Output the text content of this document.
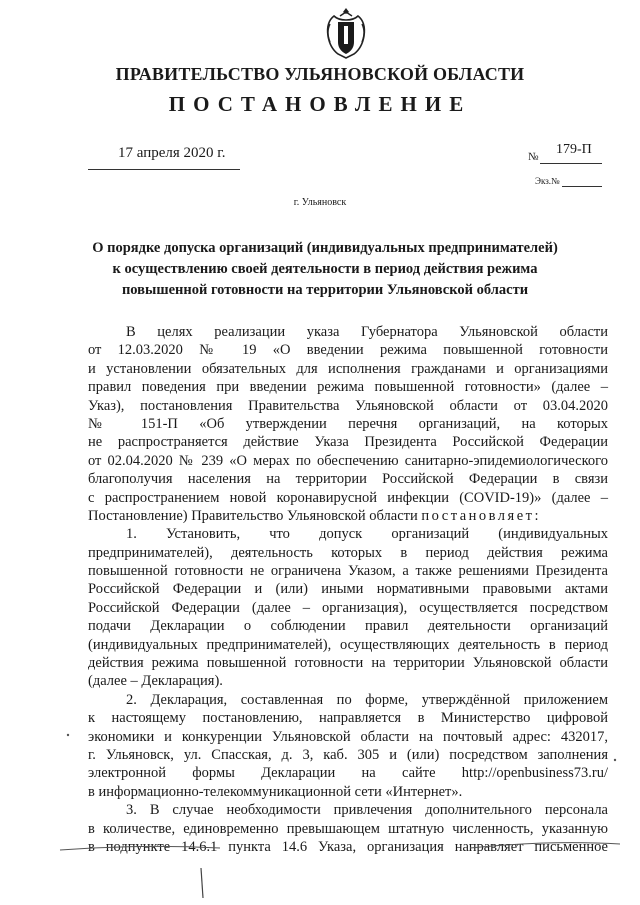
ПРАВИТЕЛЬСТВО УЛЬЯНОВСКОЙ ОБЛАСТИ
ПОСТАНОВЛЕНИЕ
17 апреля 2020 г.	№ 179-П
Экз.№
г. Ульяновск
О порядке допуска организаций (индивидуальных предпринимателей)
к осуществлению своей деятельности в период действия режима
повышенной готовности на территории Ульяновской области
В целях реализации указа Губернатора Ульяновской области
от 12.03.2020 № 19 «О введении режима повышенной готовности
и установлении обязательных для исполнения гражданами и организациями
правил поведения при введении режима повышенной готовности» (далее –
Указ), постановления Правительства Ульяновской области от 03.04.2020
№ 151-П «Об утверждении перечня организаций, на которых
не распространяется действие Указа Президента Российской Федерации
от 02.04.2020 № 239 «О мерах по обеспечению санитарно-эпидемиологического
благополучия населения на территории Российской Федерации в связи
с распространением новой коронавирусной инфекции (COVID-19)» (далее –
Постановление) Правительство Ульяновской области постановляет:
1. Установить, что допуск организаций (индивидуальных
предпринимателей), деятельность которых в период действия режима
повышенной готовности не ограничена Указом, а также решениями Президента
Российской Федерации и (или) иными нормативными правовыми актами
Российской Федерации (далее – организация), осуществляется посредством
подачи Декларации о соблюдении правил деятельности организаций
(индивидуальных предпринимателей), осуществляющих деятельность в период
действия режима повышенной готовности на территории Ульяновской области
(далее – Декларация).
2. Декларация, составленная по форме, утверждённой приложением
к настоящему постановлению, направляется в Министерство цифровой
экономики и конкуренции Ульяновской области на почтовый адрес: 432017,
г. Ульяновск, ул. Спасская, д. 3, каб. 305 и (или) посредством заполнения
электронной формы Декларации на сайте http://openbusiness73.ru/
в информационно-телекоммуникационной сети «Интернет».
3. В случае необходимости привлечения дополнительного персонала
в количестве, единовременно превышающем штатную численность, указанную
в подпункте 14.6.1 пункта 14.6 Указа, организация направляет письменное
